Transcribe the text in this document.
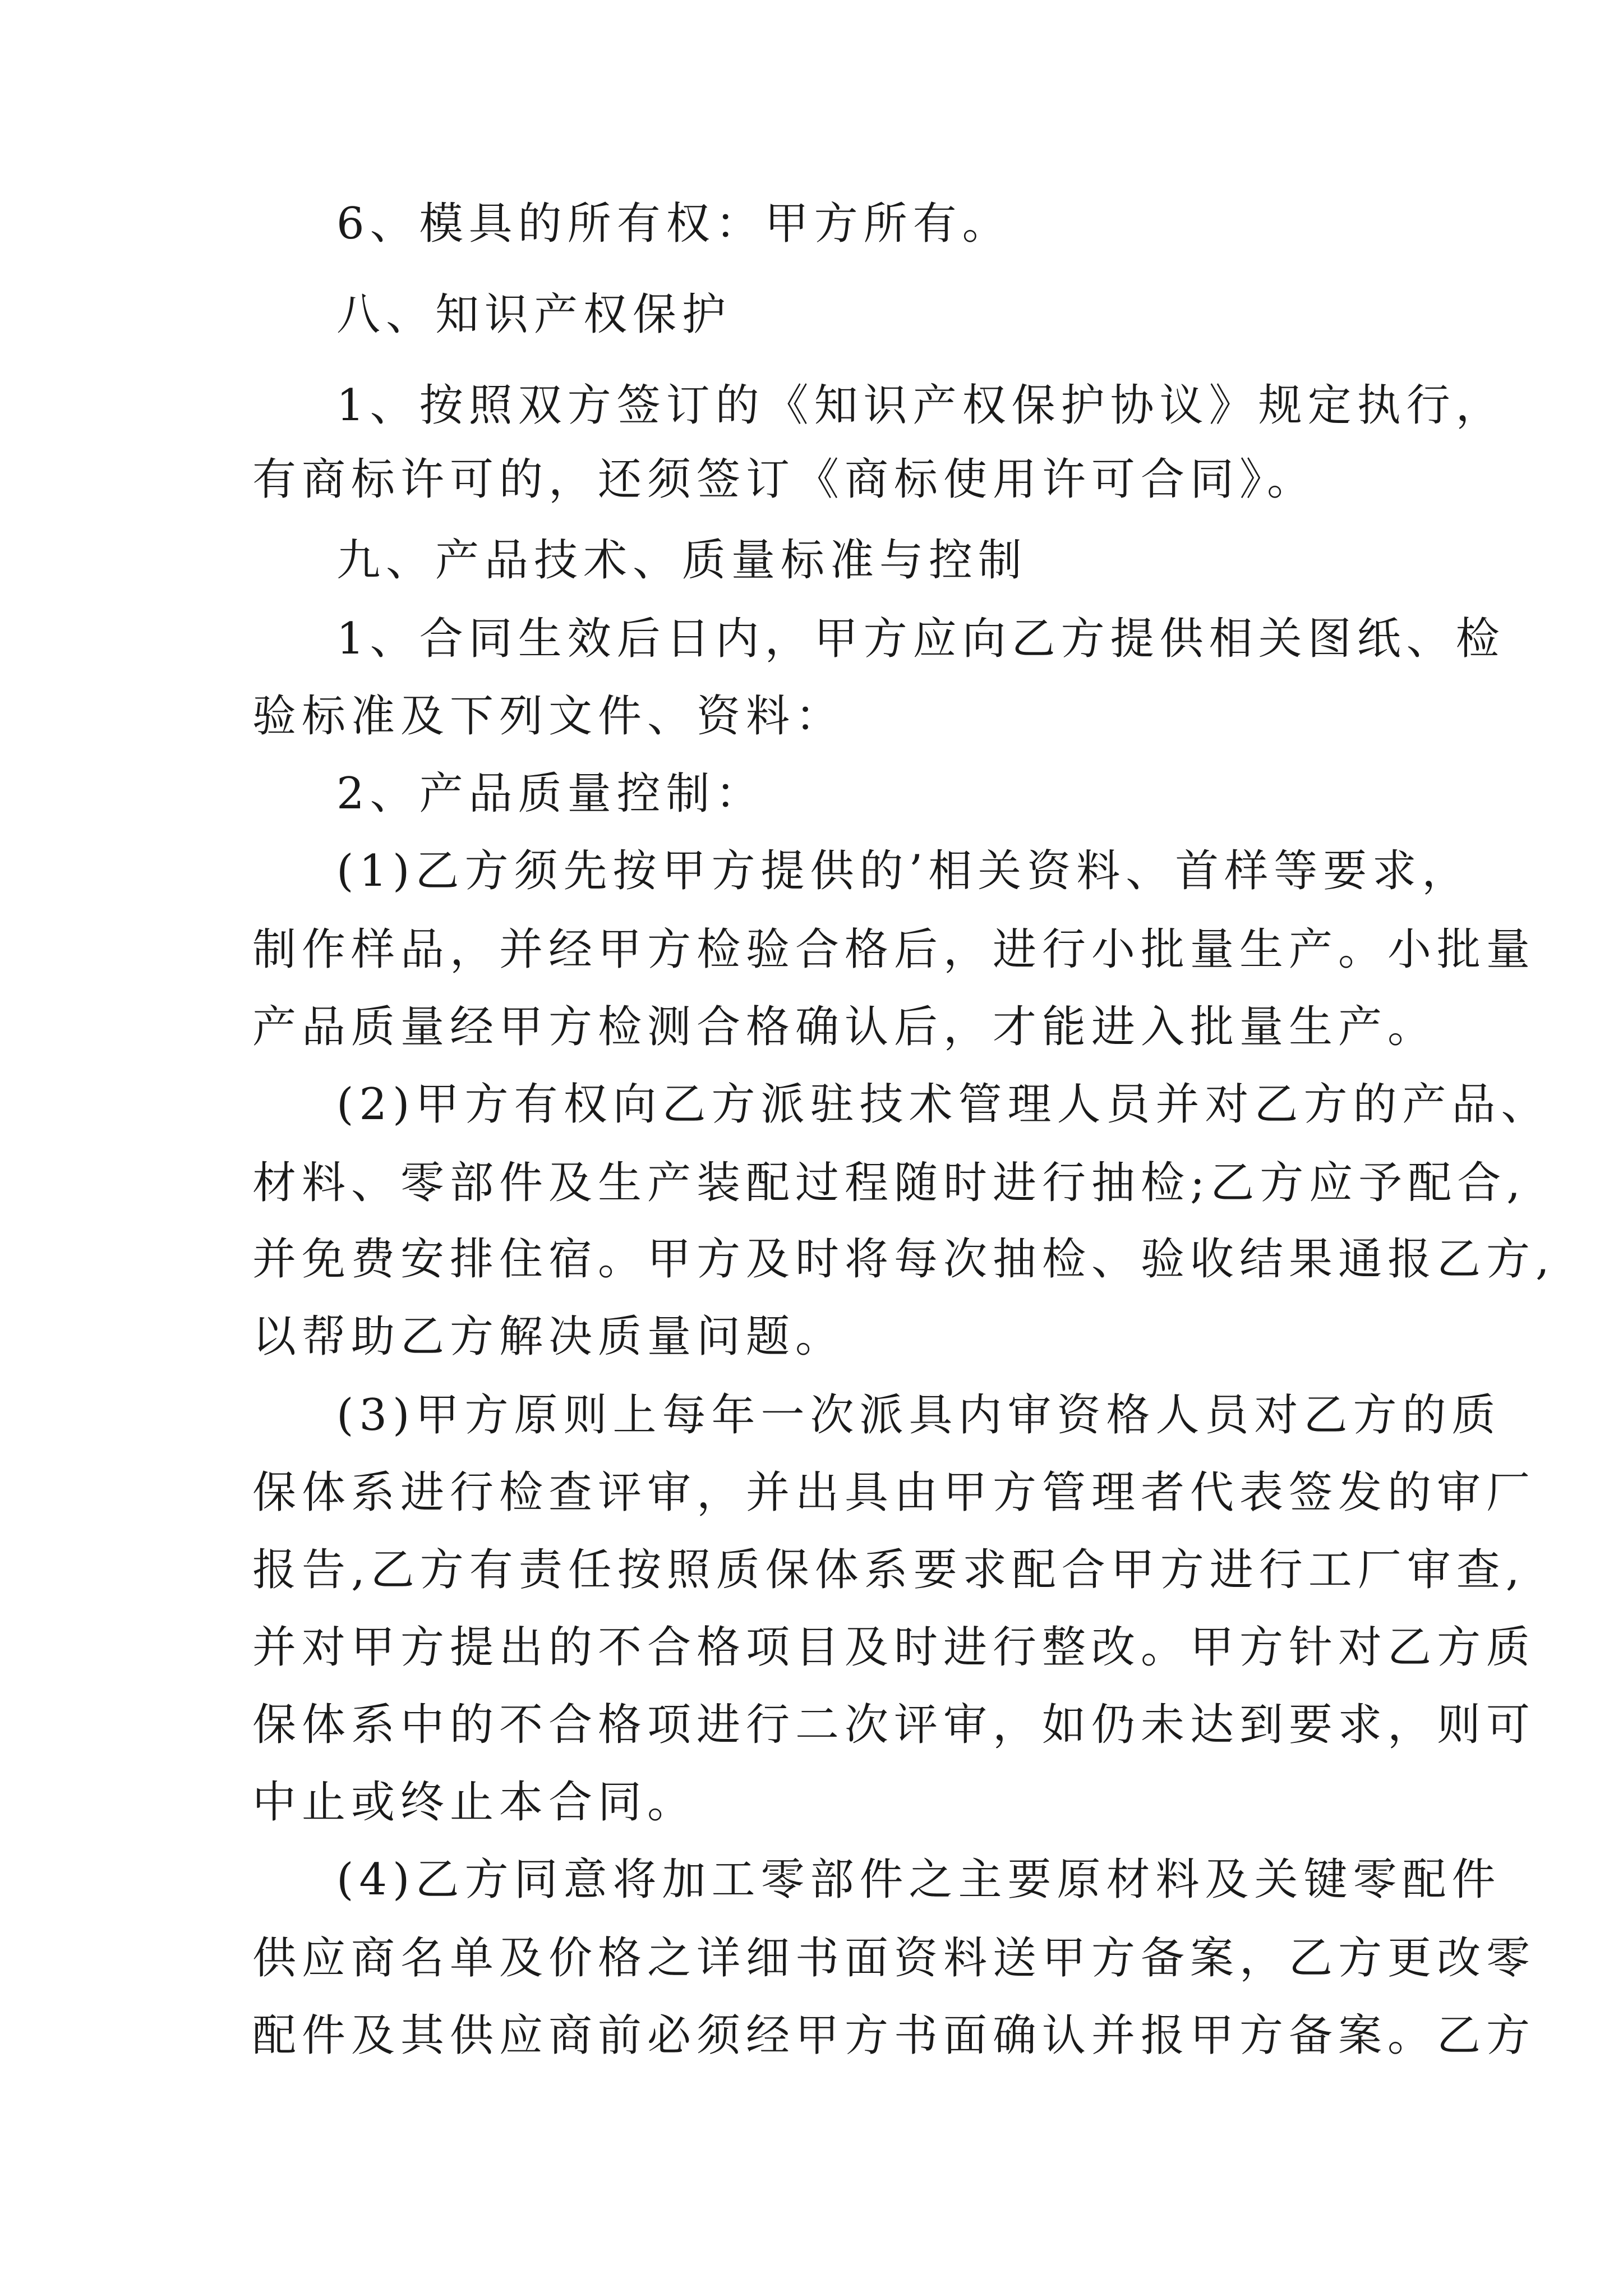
6、模具的所有权：甲方所有。
八、知识产权保护
1、按照双方签订的《知识产权保护协议》规定执行，
有商标许可的，还须签订《商标使用许可合同》。
九、产品技术、质量标准与控制
1、合同生效后日内，甲方应向乙方提供相关图纸、检
验标准及下列文件、资料：
2、产品质量控制：
(1)乙方须先按甲方提供的’相关资料、首样等要求，
制作样品，并经甲方检验合格后，进行小批量生产。小批量
产品质量经甲方检测合格确认后，才能进入批量生产。
(2)甲方有权向乙方派驻技术管理人员并对乙方的产品、
材料、零部件及生产装配过程随时进行抽检;乙方应予配合,
并免费安排住宿。甲方及时将每次抽检、验收结果通报乙方,
以帮助乙方解决质量问题。
(3)甲方原则上每年一次派具内审资格人员对乙方的质
保体系进行检查评审，并出具由甲方管理者代表签发的审厂
报告,乙方有责任按照质保体系要求配合甲方进行工厂审查,
并对甲方提出的不合格项目及时进行整改。甲方针对乙方质
保体系中的不合格项进行二次评审，如仍未达到要求，则可
中止或终止本合同。
(4)乙方同意将加工零部件之主要原材料及关键零配件
供应商名单及价格之详细书面资料送甲方备案，乙方更改零
配件及其供应商前必须经甲方书面确认并报甲方备案。乙方
